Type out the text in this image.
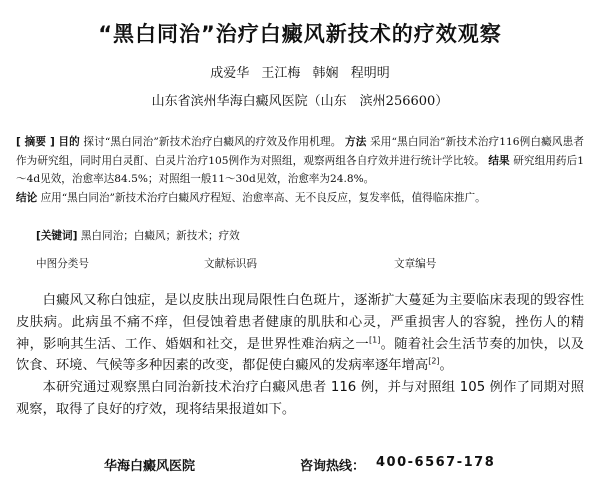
“黑白同治”治疗白癜风新技术的疗效观察
成爱华 王江梅 韩娴 程明明
山东省滨州华海白癜风医院（山东　滨州256600）
[ 摘要 ] 目的 探讨“黑白同治”新技术治疗白癜风的疗效及作用机理。 方法 采用“黑白同治”新技术治疗116例白癜风患者作为研究组，同时用白灵酊、白灵片治疗105例作为对照组，观察两组各自疗效并进行统计学比较。 结果 研究组用药后1～4d见效，治愈率达84.5%；对照组一般11～30d见效，治愈率为24.8%。
结论 应用“黑白同治”新技术治疗白癜风疗程短、治愈率高、无不良反应，复发率低，值得临床推广。
[关键词] 黑白同治；白癜风；新技术；疗效
中图分类号	文献标识码	文章编号

白癜风又称白蚀症，是以皮肤出现局限性白色斑片，逐渐扩大蔓延为主要临床表现的毁容性皮肤病。此病虽不痛不痒，但侵蚀着患者健康的肌肤和心灵，严重损害人的容貌，挫伤人的精神，影响其生活、工作、婚姻和社交，是世界性难治病之一[1]。随着社会生活节奏的加快，以及饮食、环境、气候等多种因素的改变，都促使白癜风的发病率逐年增高[2]。

本研究通过观察黑白同治新技术治疗白癜风患者 116 例，并与对照组 105 例作了同期对照观察，取得了良好的疗效，现将结果报道如下。

华海白癜风医院	咨询热线： 400-6567-178
